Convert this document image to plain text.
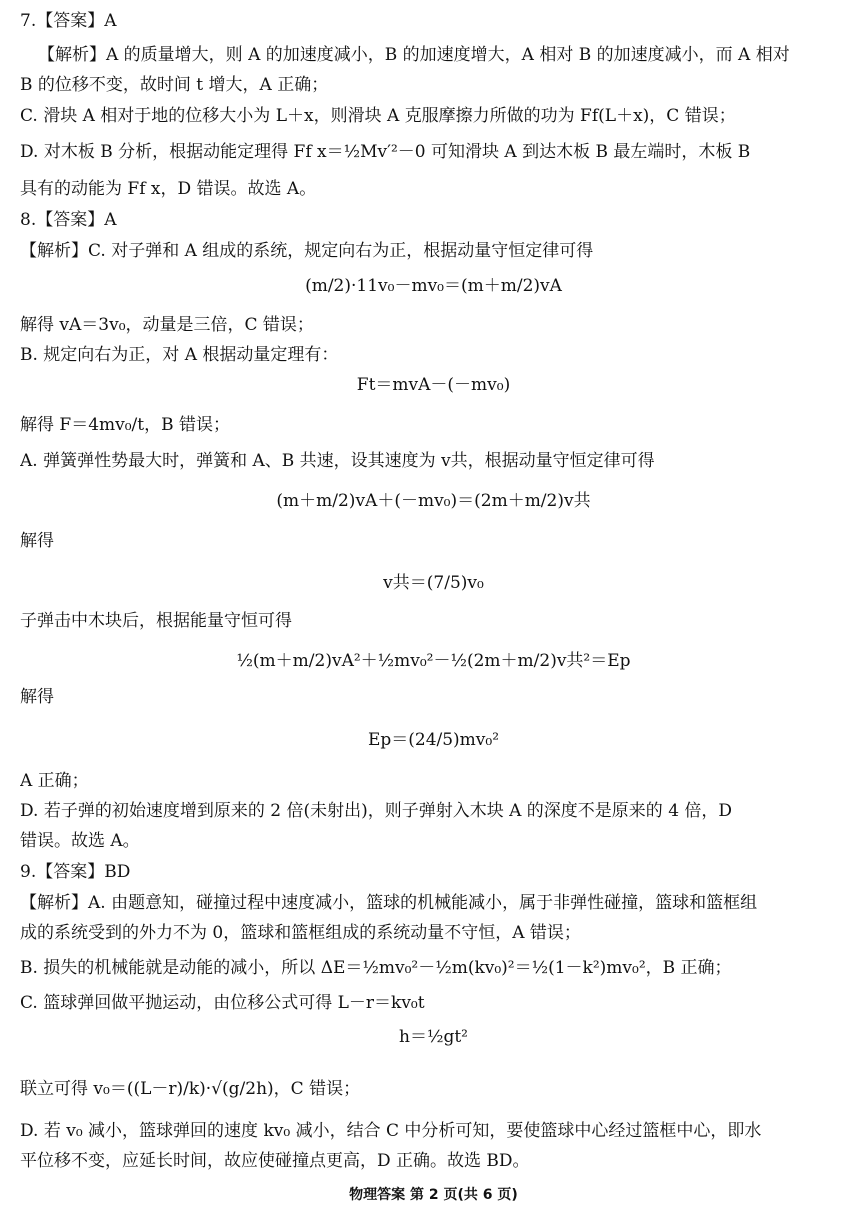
7.【答案】A
【解析】A 的质量增大，则 A 的加速度减小，B 的加速度增大，A 相对 B 的加速度减小，而 A 相对
B 的位移不变，故时间 t 增大，A 正确；
C. 滑块 A 相对于地的位移大小为 L＋x，则滑块 A 克服摩擦力所做的功为 Ff(L＋x)，C 错误；
D. 对木板 B 分析，根据动能定理得 Ff x＝½Mv′²－0 可知滑块 A 到达木板 B 最左端时，木板 B
具有的动能为 Ff x，D 错误。故选 A。
8.【答案】A
【解析】C. 对子弹和 A 组成的系统，规定向右为正，根据动量守恒定律可得
(m/2)·11v₀－mv₀＝(m＋m/2)vA
解得 vA＝3v₀，动量是三倍，C 错误；
B. 规定向右为正，对 A 根据动量定理有：
Ft＝mvA－(－mv₀)
解得 F＝4mv₀/t，B 错误；
A. 弹簧弹性势最大时，弹簧和 A、B 共速，设其速度为 v共，根据动量守恒定律可得
(m＋m/2)vA＋(－mv₀)＝(2m＋m/2)v共
解得
v共＝(7/5)v₀
子弹击中木块后，根据能量守恒可得
½(m＋m/2)vA²＋½mv₀²－½(2m＋m/2)v共²＝Ep
解得
Ep＝(24/5)mv₀²
A 正确；
D. 若子弹的初始速度增到原来的 2 倍(未射出)，则子弹射入木块 A 的深度不是原来的 4 倍，D
错误。故选 A。
9.【答案】BD
【解析】A. 由题意知，碰撞过程中速度减小，篮球的机械能减小，属于非弹性碰撞，篮球和篮框组
成的系统受到的外力不为 0，篮球和篮框组成的系统动量不守恒，A 错误；
B. 损失的机械能就是动能的减小，所以 ΔE＝½mv₀²－½m(kv₀)²＝½(1－k²)mv₀²，B 正确；
C. 篮球弹回做平抛运动，由位移公式可得 L－r＝kv₀t
h＝½gt²
联立可得 v₀＝((L－r)/k)·√(g/2h)，C 错误；
D. 若 v₀ 减小，篮球弹回的速度 kv₀ 减小，结合 C 中分析可知，要使篮球中心经过篮框中心，即水
平位移不变，应延长时间，故应使碰撞点更高，D 正确。故选 BD。
物理答案 第 2 页(共 6 页)
